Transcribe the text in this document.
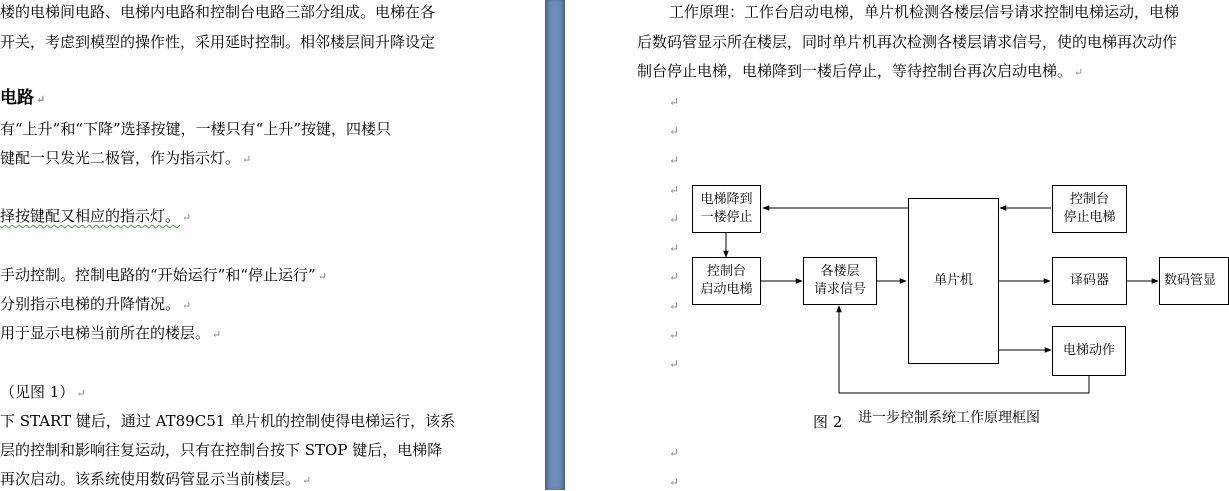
楼的电梯间电路、电梯内电路和控制台电路三部分组成。电梯在各
开关，考虑到模型的操作性，采用延时控制。相邻楼层间升降设定
电路 ↵
有“上升”和“下降”选择按键，一楼只有“上升”按键，四楼只
键配一只发光二极管，作为指示灯。 ↵
择按键配又相应的指示灯。 ↵
手动控制。控制电路的“开始运行”和“停止运行” ↵
分别指示电梯的升降情况。 ↵
用于显示电梯当前所在的楼层。 ↵
（见图 1） ↵
下 START 键后，通过 AT89C51 单片机的控制使得电梯运行，该系
层的控制和影响往复运动，只有在控制台按下 STOP 键后，电梯降
再次启动。该系统使用数码管显示当前楼层。 ↵
工作原理：工作台启动电梯，单片机检测各楼层信号请求控制电梯运动，电梯
后数码管显示所在楼层，同时单片机再次检测各楼层请求信号，使的电梯再次动作
制台停止电梯，电梯降到一楼后停止，等待控制台再次启动电梯。 ↵
↵
↵
↵
↵
↵
↵
↵
↵
↵
↵
↵
↵
电梯降到
一楼停止
控制台
启动电梯
各楼层
请求信号
单片机
控制台
停止电梯
译码器	数码管显
电梯动作
图 2 进一步控制系统工作原理框图
